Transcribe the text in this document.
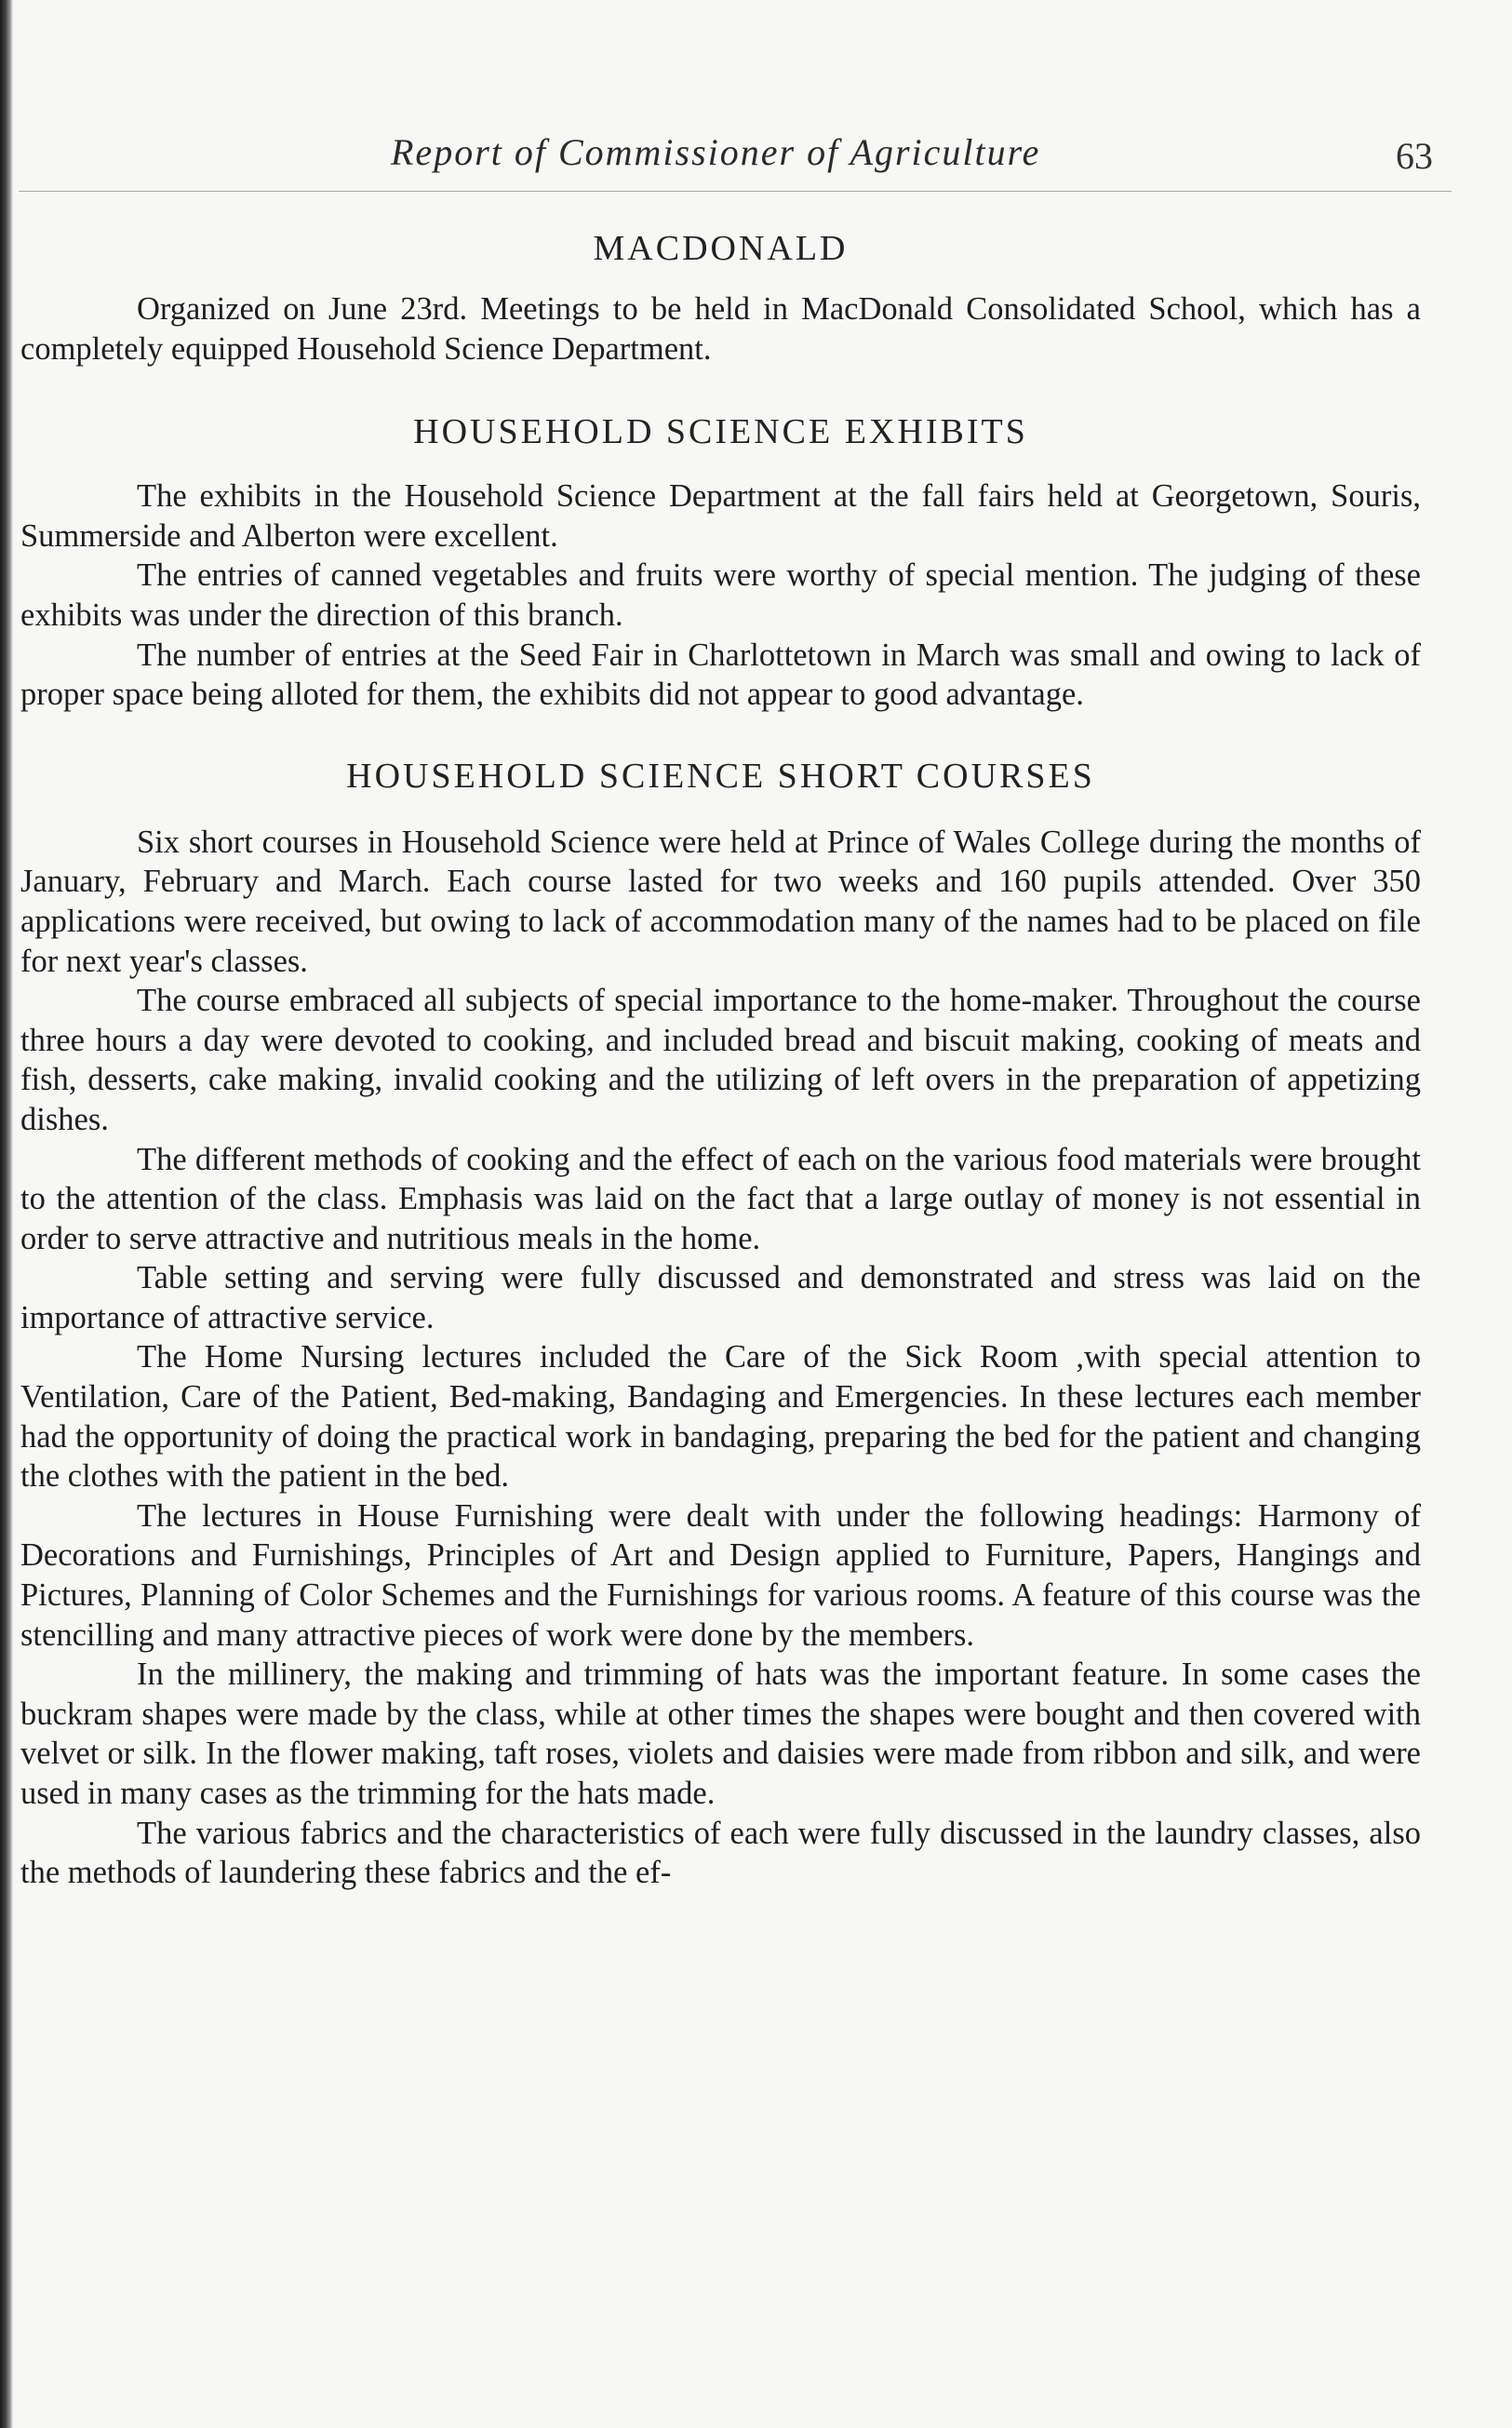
Report of Commissioner of Agriculture	63
MACDONALD

Organized on June 23rd. Meetings to be held in MacDonald Consolidated School, which has a completely equipped Household Science Department.

HOUSEHOLD SCIENCE EXHIBITS

The exhibits in the Household Science Department at the fall fairs held at Georgetown, Souris, Summerside and Alberton were excellent.

The entries of canned vegetables and fruits were worthy of special mention. The judging of these exhibits was under the direction of this branch.

The number of entries at the Seed Fair in Charlottetown in March was small and owing to lack of proper space being alloted for them, the exhibits did not appear to good advantage.

HOUSEHOLD SCIENCE SHORT COURSES

Six short courses in Household Science were held at Prince of Wales College during the months of January, February and March. Each course lasted for two weeks and 160 pupils attended. Over 350 applications were received, but owing to lack of accommodation many of the names had to be placed on file for next year's classes.

The course embraced all subjects of special importance to the home-maker. Throughout the course three hours a day were devoted to cooking, and included bread and biscuit making, cooking of meats and fish, desserts, cake making, invalid cooking and the utilizing of left overs in the preparation of appetizing dishes.

The different methods of cooking and the effect of each on the various food materials were brought to the attention of the class. Emphasis was laid on the fact that a large outlay of money is not essential in order to serve attractive and nutritious meals in the home.

Table setting and serving were fully discussed and demonstrated and stress was laid on the importance of attractive service.

The Home Nursing lectures included the Care of the Sick Room ,with special attention to Ventilation, Care of the Patient, Bed-making, Bandaging and Emergencies. In these lectures each member had the opportunity of doing the practical work in bandaging, preparing the bed for the patient and changing the clothes with the patient in the bed.

The lectures in House Furnishing were dealt with under the following headings: Harmony of Decorations and Furnishings, Principles of Art and Design applied to Furniture, Papers, Hangings and Pictures, Planning of Color Schemes and the Furnishings for various rooms. A feature of this course was the stencilling and many attractive pieces of work were done by the members.

In the millinery, the making and trimming of hats was the important feature. In some cases the buckram shapes were made by the class, while at other times the shapes were bought and then covered with velvet or silk. In the flower making, taft roses, violets and daisies were made from ribbon and silk, and were used in many cases as the trimming for the hats made.

The various fabrics and the characteristics of each were fully discussed in the laundry classes, also the methods of laundering these fabrics and the ef-
